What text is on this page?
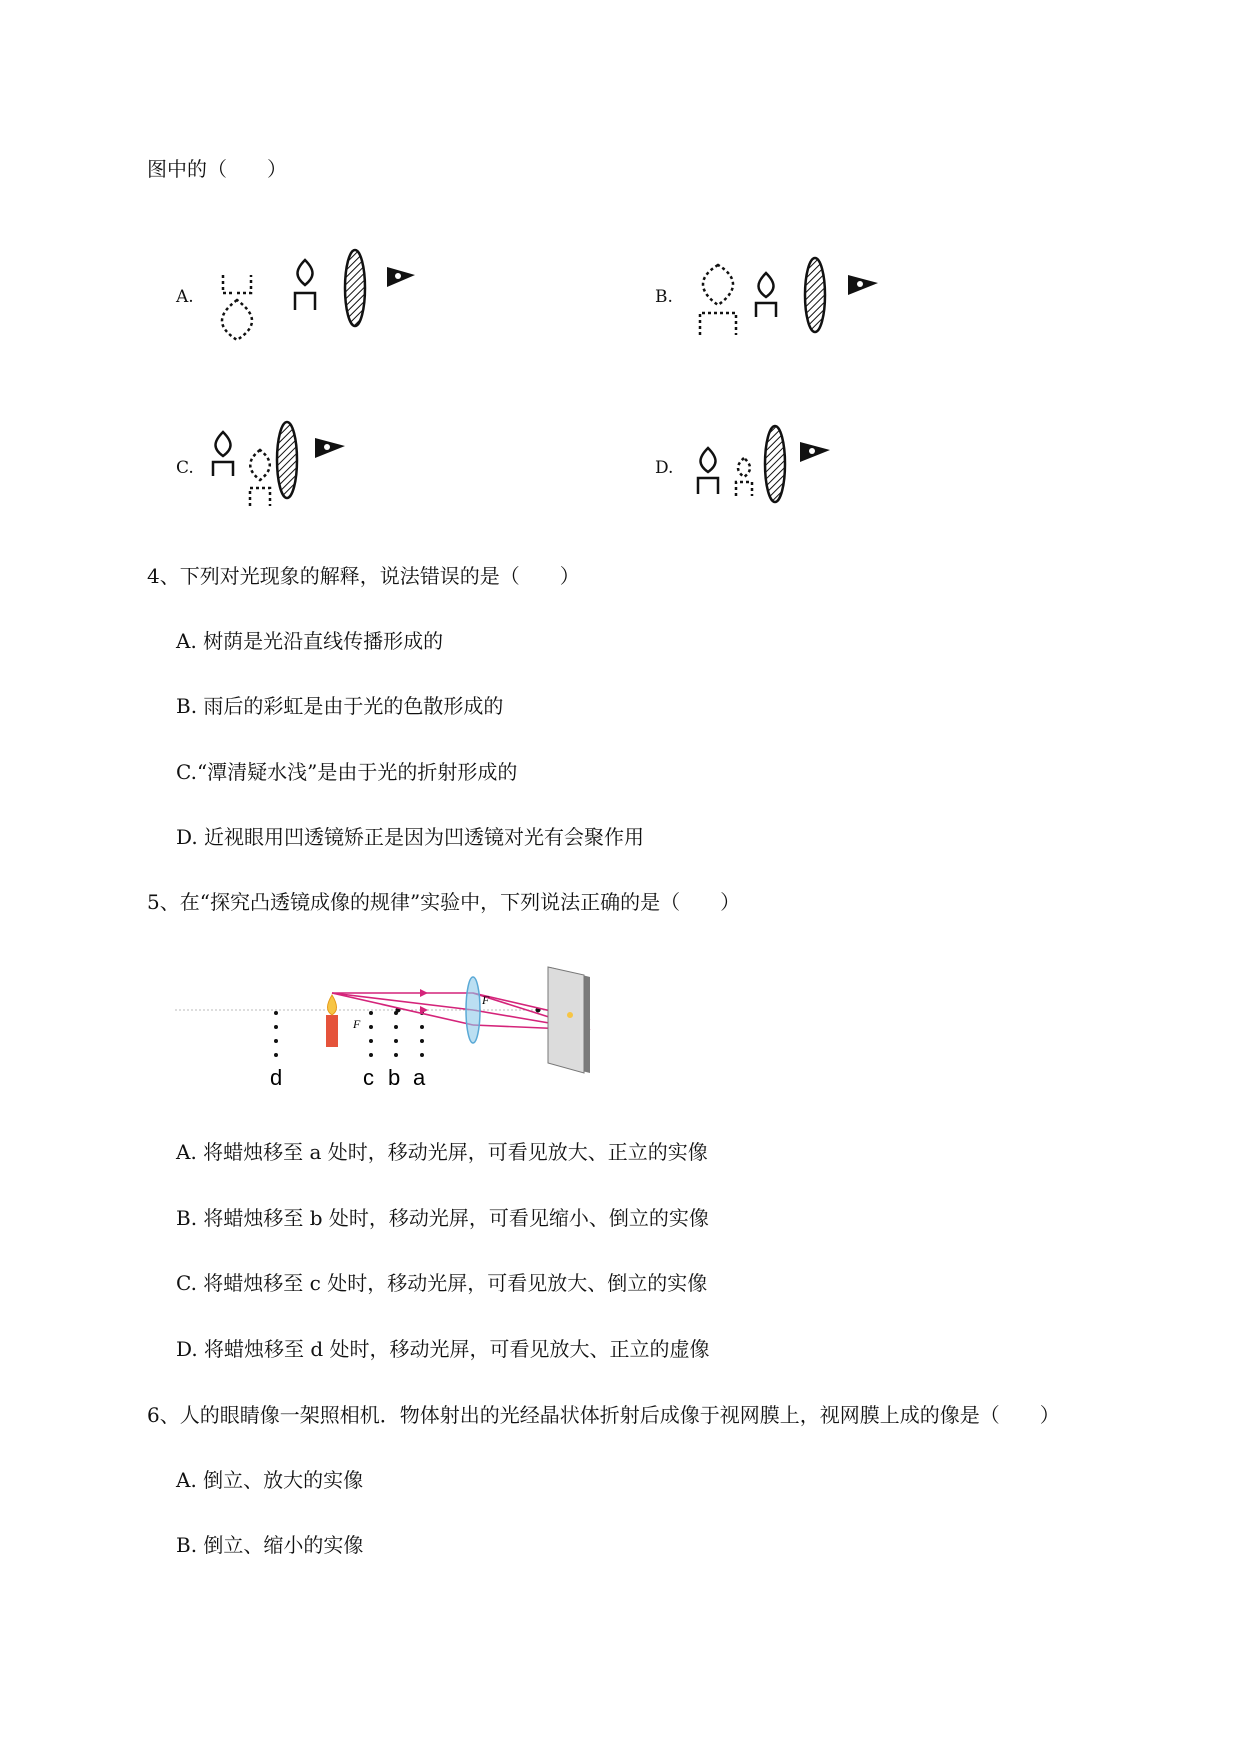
图中的（　　）
A.	B.
C.	D.
4、下列对光现象的解释，说法错误的是（　　）
A. 树荫是光沿直线传播形成的
B. 雨后的彩虹是由于光的色散形成的
C.“潭清疑水浅”是由于光的折射形成的
D. 近视眼用凹透镜矫正是因为凹透镜对光有会聚作用
5、在“探究凸透镜成像的规律”实验中，下列说法正确的是（　　）
F
F
d	c b a
A. 将蜡烛移至 a 处时，移动光屏，可看见放大、正立的实像
B. 将蜡烛移至 b 处时，移动光屏，可看见缩小、倒立的实像
C. 将蜡烛移至 c 处时，移动光屏，可看见放大、倒立的实像
D. 将蜡烛移至 d 处时，移动光屏，可看见放大、正立的虚像
6、人的眼睛像一架照相机．物体射出的光经晶状体折射后成像于视网膜上，视网膜上成的像是（　　）
A. 倒立、放大的实像
B. 倒立、缩小的实像
